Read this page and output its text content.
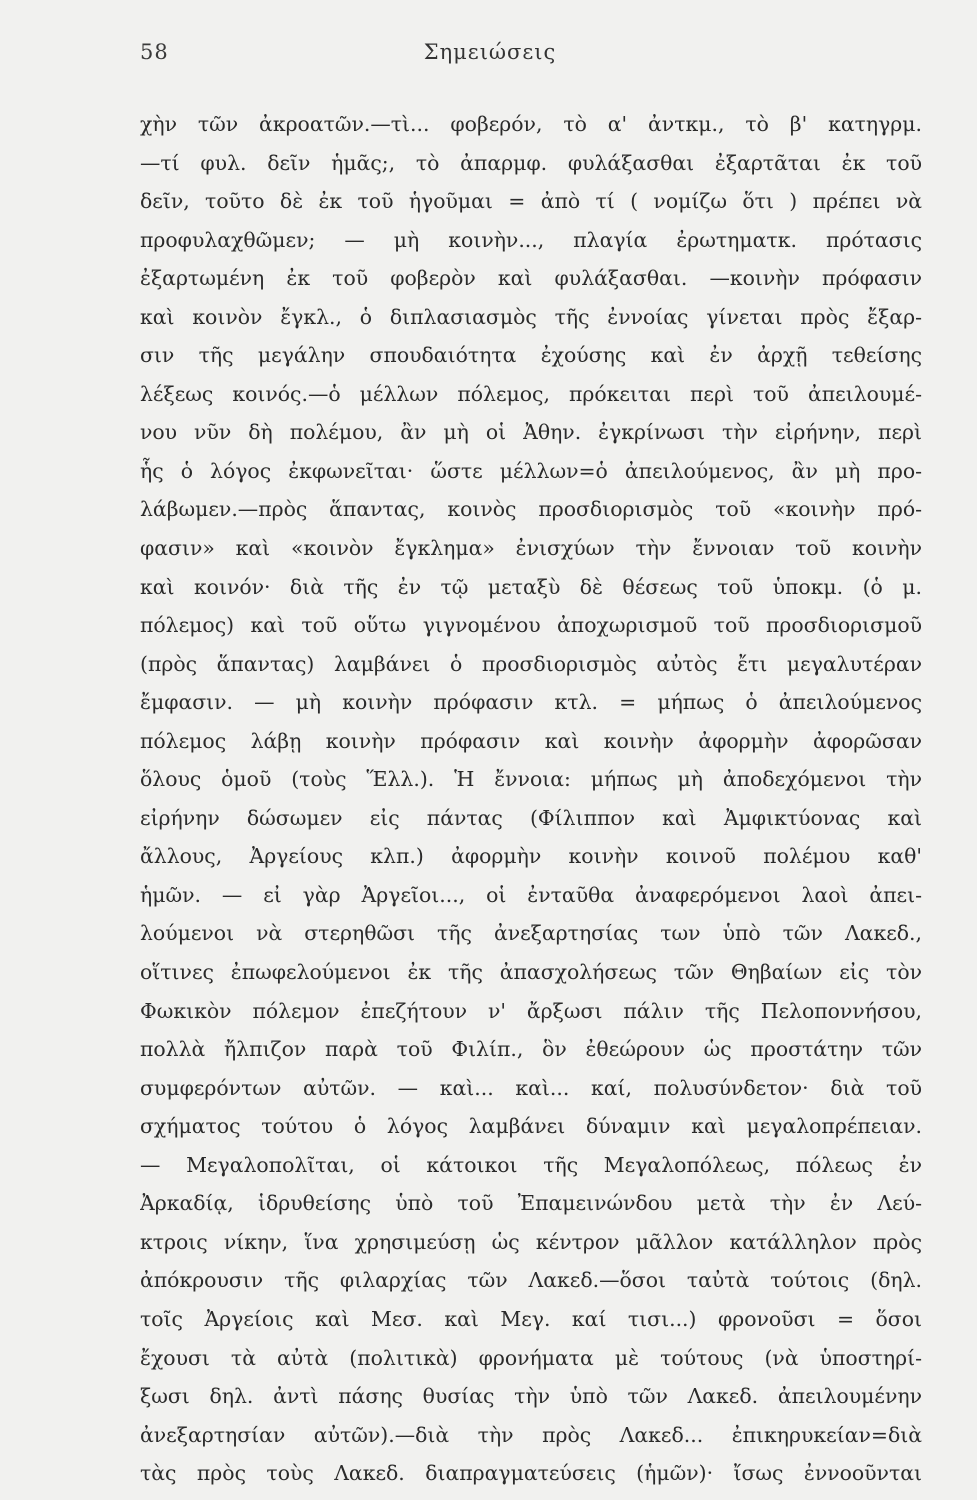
58	Σημειώσεις
χὴν τῶν ἀκροατῶν.—τὶ... φοβερόν, τὸ α' ἀντκμ., τὸ β' κατηγρμ.
—τί φυλ. δεῖν ἡμᾶς;, τὸ ἀπαρμφ. φυλάξασθαι ἐξαρτᾶται ἐκ τοῦ
δεῖν, τοῦτο δὲ ἐκ τοῦ ἡγοῦμαι = ἀπὸ τί ( νομίζω ὅτι ) πρέπει νὰ
προφυλαχθῶμεν; — μὴ κοινὴν..., πλαγία ἐρωτηματκ. πρότασις
ἐξαρτωμένη ἐκ τοῦ φοβερὸν καὶ φυλάξασθαι. —κοινὴν πρόφασιν
καὶ κοινὸν ἔγκλ., ὁ διπλασιασμὸς τῆς ἐννοίας γίνεται πρὸς ἔξαρ-
σιν τῆς μεγάλην σπουδαιότητα ἐχούσης καὶ ἐν ἀρχῇ τεθείσης
λέξεως κοινός.—ὁ μέλλων πόλεμος, πρόκειται περὶ τοῦ ἀπειλουμέ-
νου νῦν δὴ πολέμου, ἂν μὴ οἱ Ἀθην. ἐγκρίνωσι τὴν εἰρήνην, περὶ
ἧς ὁ λόγος ἐκφωνεῖται· ὥστε μέλλων=ὁ ἀπειλούμενος, ἂν μὴ προ-
λάβωμεν.—πρὸς ἅπαντας, κοινὸς προσδιορισμὸς τοῦ «κοινὴν πρό-
φασιν» καὶ «κοινὸν ἔγκλημα» ἐνισχύων τὴν ἔννοιαν τοῦ κοινὴν
καὶ κοινόν· διὰ τῆς ἐν τῷ μεταξὺ δὲ θέσεως τοῦ ὑποκμ. (ὁ μ.
πόλεμος) καὶ τοῦ οὕτω γιγνομένου ἀποχωρισμοῦ τοῦ προσδιορισμοῦ
(πρὸς ἅπαντας) λαμβάνει ὁ προσδιορισμὸς αὐτὸς ἔτι μεγαλυτέραν
ἔμφασιν. — μὴ κοινὴν πρόφασιν κτλ. = μήπως ὁ ἀπειλούμενος
πόλεμος λάβῃ κοινὴν πρόφασιν καὶ κοινὴν ἀφορμὴν ἀφορῶσαν
ὅλους ὁμοῦ (τοὺς Ἕλλ.). Ἡ ἔννοια: μήπως μὴ ἀποδεχόμενοι τὴν
εἰρήνην δώσωμεν εἰς πάντας (Φίλιππον καὶ Ἀμφικτύονας καὶ
ἄλλους, Ἀργείους κλπ.) ἀφορμὴν κοινὴν κοινοῦ πολέμου καθ'
ἡμῶν. — εἰ γὰρ Ἀργεῖοι..., οἱ ἐνταῦθα ἀναφερόμενοι λαοὶ ἀπει-
λούμενοι νὰ στερηθῶσι τῆς ἀνεξαρτησίας των ὑπὸ τῶν Λακεδ.,
οἵτινες ἐπωφελούμενοι ἐκ τῆς ἀπασχολήσεως τῶν Θηβαίων εἰς τὸν
Φωκικὸν πόλεμον ἐπεζήτουν ν' ἄρξωσι πάλιν τῆς Πελοποννήσου,
πολλὰ ἤλπιζον παρὰ τοῦ Φιλίπ., ὃν ἐθεώρουν ὡς προστάτην τῶν
συμφερόντων αὐτῶν. — καὶ... καὶ... καί, πολυσύνδετον· διὰ τοῦ
σχήματος τούτου ὁ λόγος λαμβάνει δύναμιν καὶ μεγαλοπρέπειαν.
— Μεγαλοπολῖται, οἱ κάτοικοι τῆς Μεγαλοπόλεως, πόλεως ἐν
Ἀρκαδίᾳ, ἱδρυθείσης ὑπὸ τοῦ Ἐπαμεινώνδου μετὰ τὴν ἐν Λεύ-
κτροις νίκην, ἵνα χρησιμεύσῃ ὡς κέντρον μᾶλλον κατάλληλον πρὸς
ἀπόκρουσιν τῆς φιλαρχίας τῶν Λακεδ.—ὅσοι ταὐτὰ τούτοις (δηλ.
τοῖς Ἀργείοις καὶ Μεσ. καὶ Μεγ. καί τισι...) φρονοῦσι = ὅσοι
ἔχουσι τὰ αὐτὰ (πολιτικὰ) φρονήματα μὲ τούτους (νὰ ὑποστηρί-
ξωσι δηλ. ἀντὶ πάσης θυσίας τὴν ὑπὸ τῶν Λακεδ. ἀπειλουμένην
ἀνεξαρτησίαν αὐτῶν).—διὰ τὴν πρὸς Λακεδ... ἐπικηρυκείαν=διὰ
τὰς πρὸς τοὺς Λακεδ. διαπραγματεύσεις (ἡμῶν)· ἴσως ἐννοοῦνται
